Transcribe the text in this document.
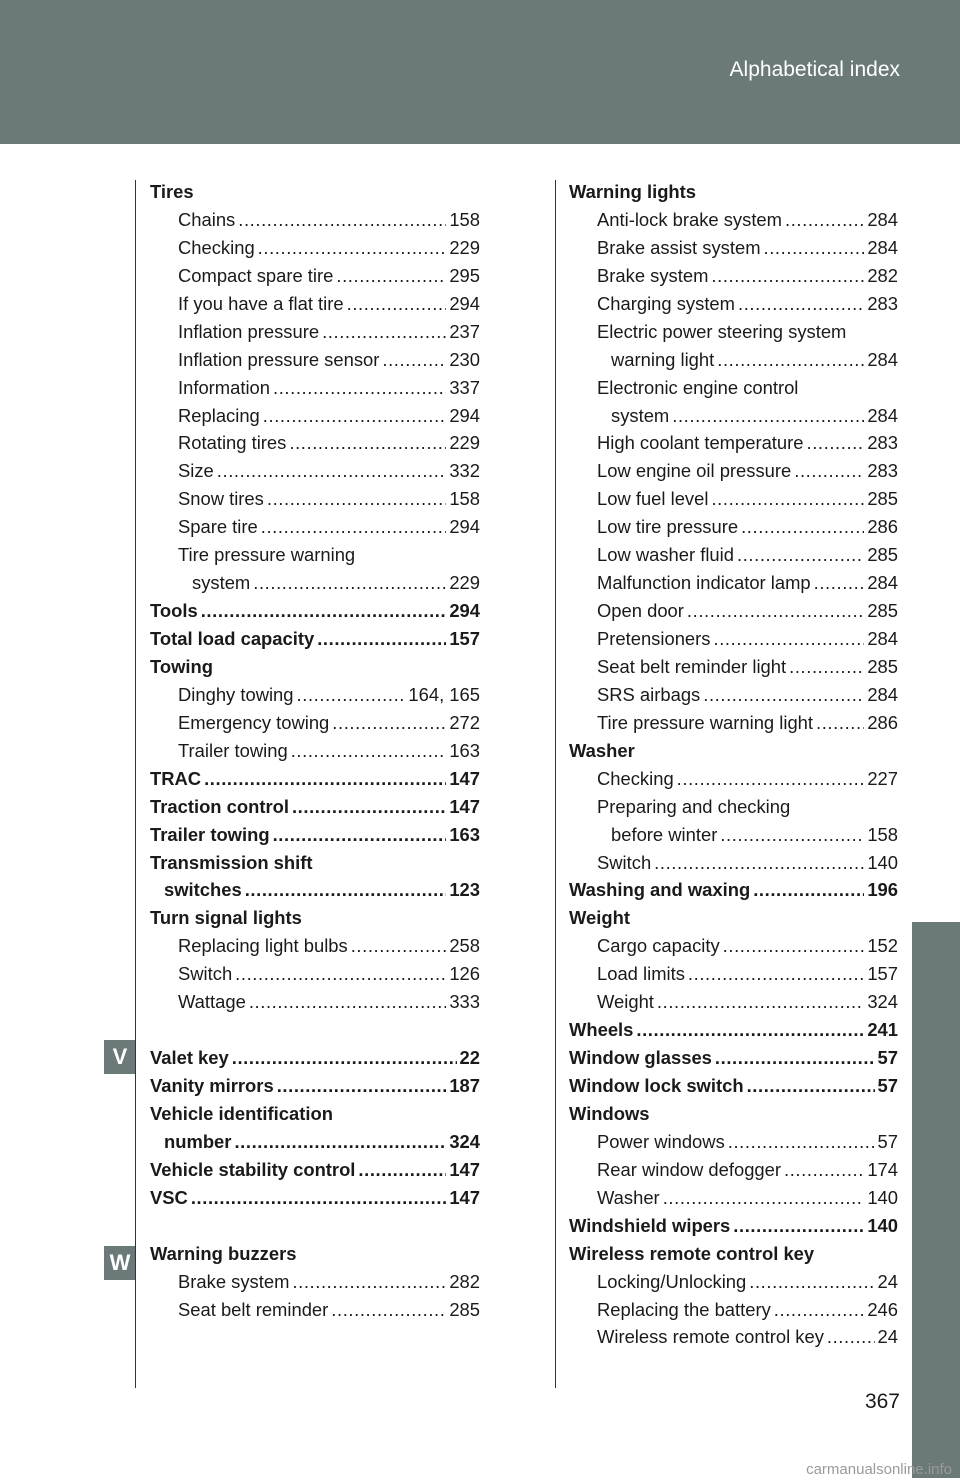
Alphabetical index
V
W
Tires
Chains .....	158
Checking .....	229
Compact spare tire .....	295
If you have a flat tire .....	294
Inflation pressure .....	237
Inflation pressure sensor .....	230
Information .....	337
Replacing .....	294
Rotating tires .....	229
Size .....	332
Snow tires .....	158
Spare tire .....	294
Tire pressure warning
system .....	229
Tools .....	294
Total load capacity .....	157
Towing
Dinghy towing .....	164, 165
Emergency towing .....	272
Trailer towing .....	163
TRAC .....	147
Traction control .....	147
Trailer towing .....	163
Transmission shift
switches .....	123
Turn signal lights
Replacing light bulbs .....	258
Switch .....	126
Wattage .....	333
Valet key .....	22
Vanity mirrors .....	187
Vehicle identification
number .....	324
Vehicle stability control .....	147
VSC .....	147
Warning buzzers
Brake system .....	282
Seat belt reminder .....	285
Warning lights
Anti-lock brake system .....	284
Brake assist system .....	284
Brake system .....	282
Charging system .....	283
Electric power steering system
warning light .....	284
Electronic engine control
system .....	284
High coolant temperature .....	283
Low engine oil pressure .....	283
Low fuel level .....	285
Low tire pressure .....	286
Low washer fluid .....	285
Malfunction indicator lamp .....	284
Open door .....	285
Pretensioners .....	284
Seat belt reminder light .....	285
SRS airbags .....	284
Tire pressure warning light .....	286
Washer
Checking .....	227
Preparing and checking
before winter .....	158
Switch .....	140
Washing and waxing .....	196
Weight
Cargo capacity .....	152
Load limits .....	157
Weight .....	324
Wheels .....	241
Window glasses .....	57
Window lock switch .....	57
Windows
Power windows .....	57
Rear window defogger .....	174
Washer .....	140
Windshield wipers .....	140
Wireless remote control key
Locking/Unlocking .....	24
Replacing the battery .....	246
Wireless remote control key .....	24
367
carmanualsonline.info
